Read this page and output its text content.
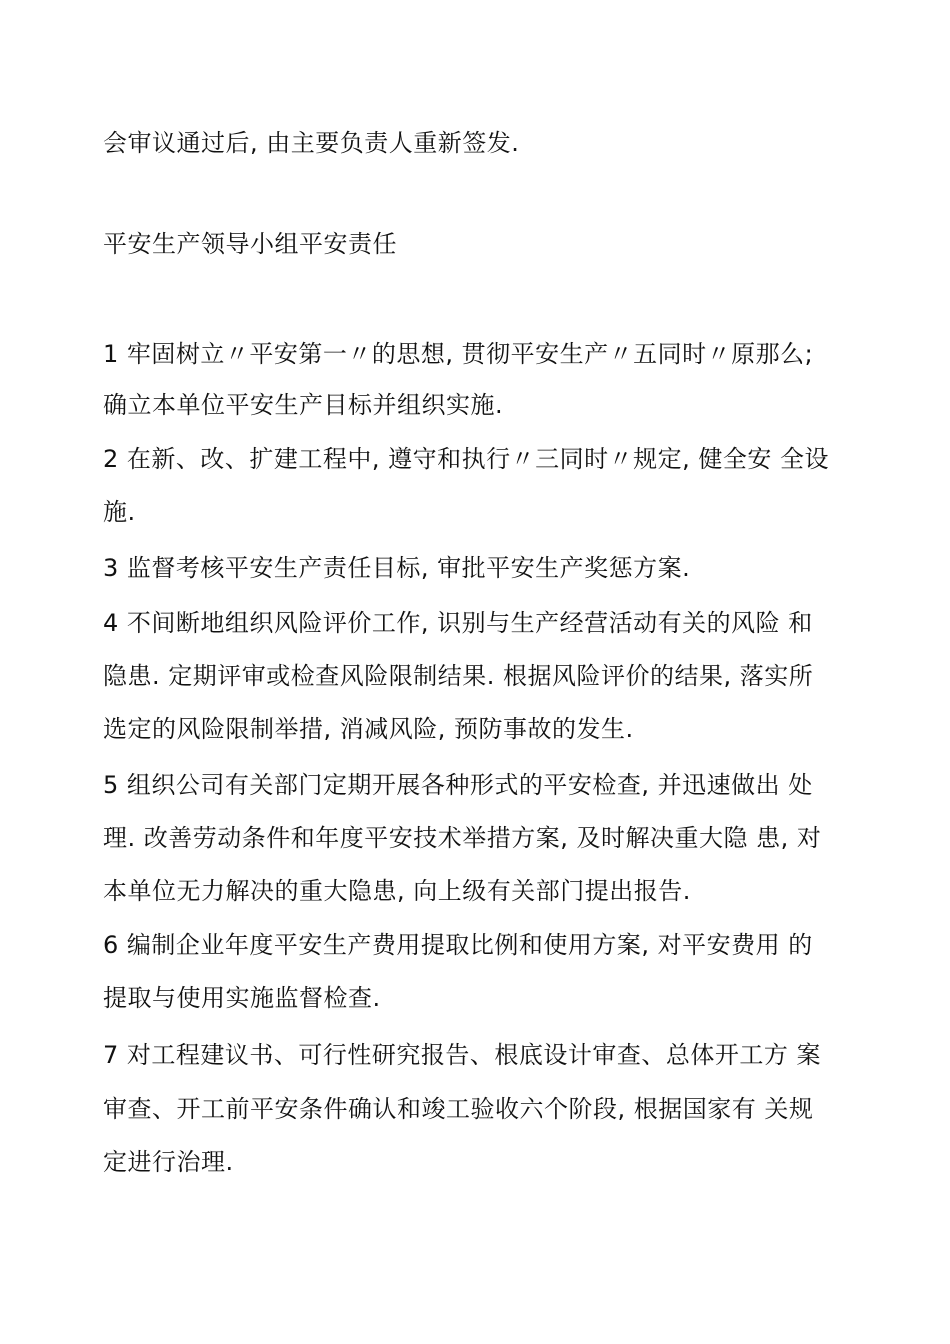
会审议通过后, 由主要负责人重新签发.
平安生产领导小组平安责任
1 牢固树立〃平安第一〃的思想, 贯彻平安生产〃五同时〃原那么;
确立本单位平安生产目标并组织实施.
2 在新、改、扩建工程中, 遵守和执行〃三同时〃规定, 健全安 全设
施.
3 监督考核平安生产责任目标, 审批平安生产奖惩方案.
4 不间断地组织风险评价工作, 识别与生产经营活动有关的风险 和
隐患. 定期评审或检查风险限制结果. 根据风险评价的结果, 落实所
选定的风险限制举措, 消减风险, 预防事故的发生.
5 组织公司有关部门定期开展各种形式的平安检查, 并迅速做出 处
理. 改善劳动条件和年度平安技术举措方案, 及时解决重大隐 患, 对
本单位无力解决的重大隐患, 向上级有关部门提出报告.
6 编制企业年度平安生产费用提取比例和使用方案, 对平安费用 的
提取与使用实施监督检查.
7 对工程建议书、可行性研究报告、根底设计审查、总体开工方 案
审查、开工前平安条件确认和竣工验收六个阶段, 根据国家有 关规
定进行治理.
